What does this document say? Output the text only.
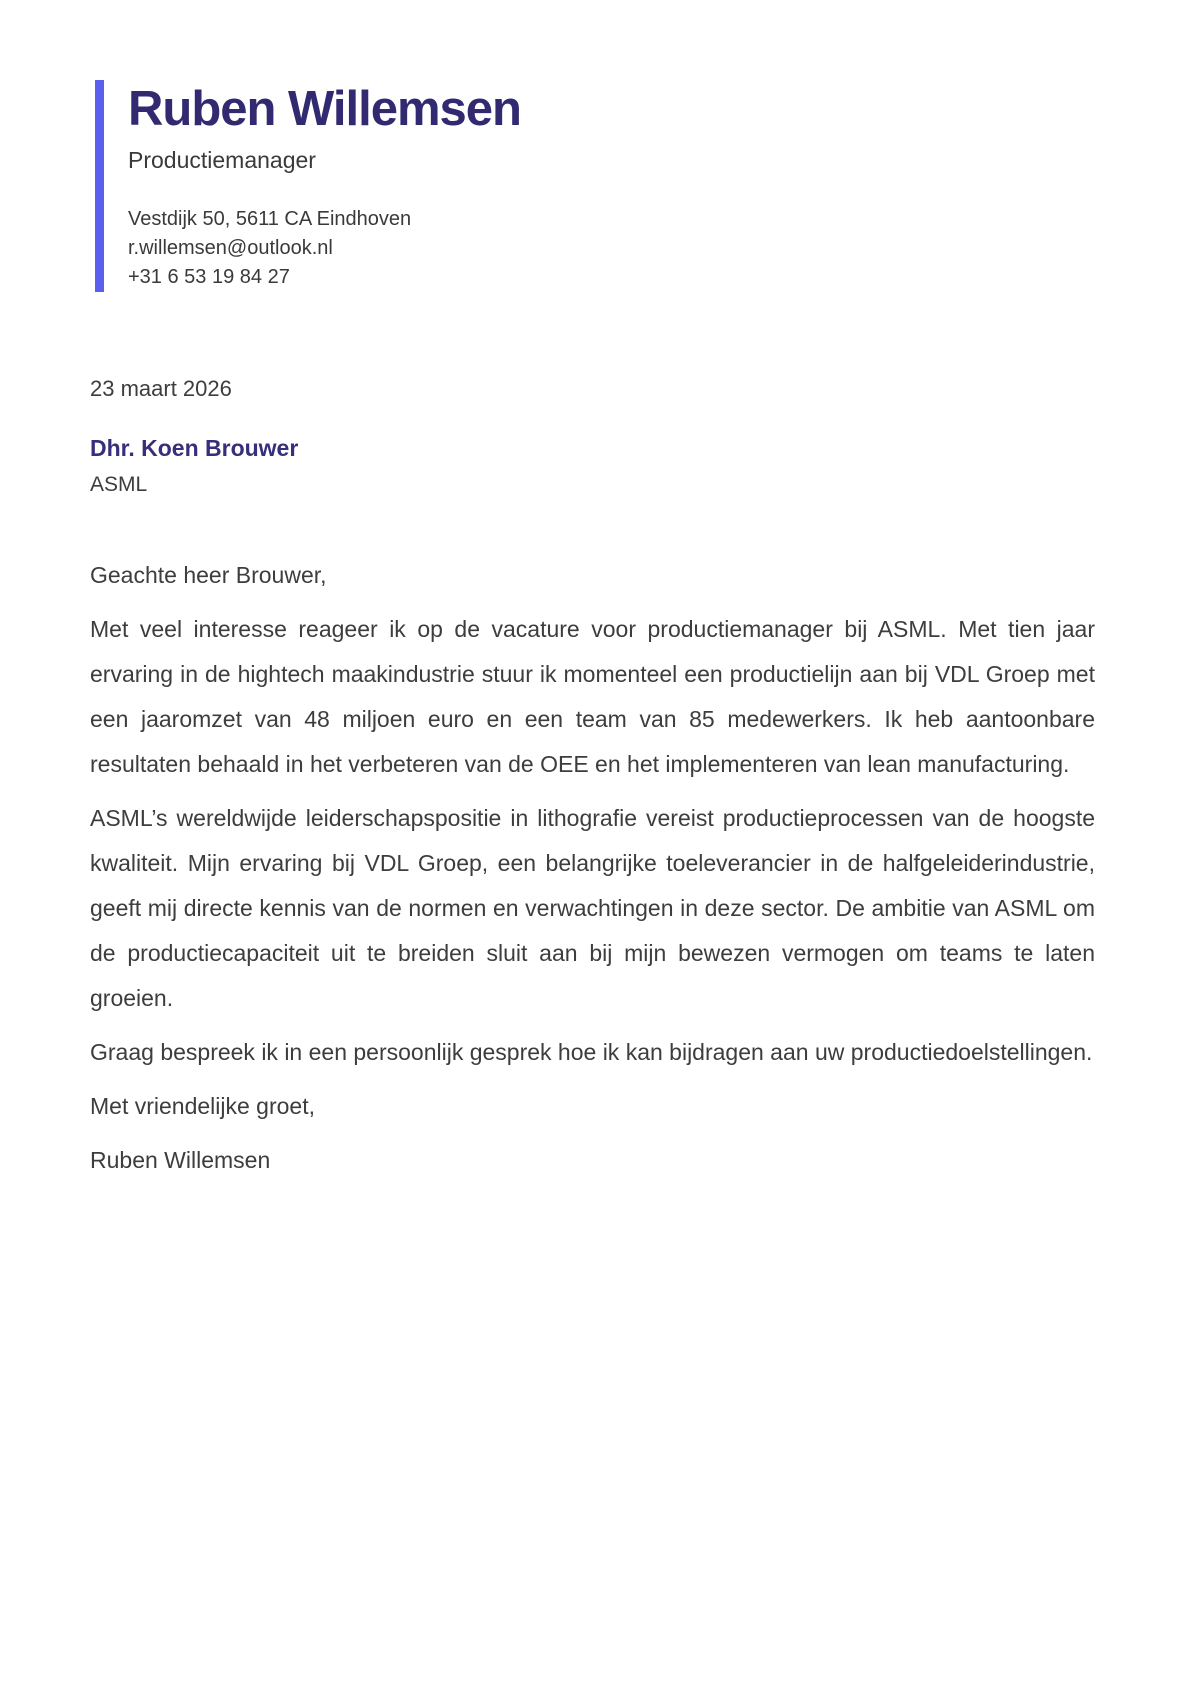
Ruben Willemsen
Productiemanager
Vestdijk 50, 5611 CA Eindhoven
r.willemsen@outlook.nl
+31 6 53 19 84 27
23 maart 2026
Dhr. Koen Brouwer
ASML
Geachte heer Brouwer,

Met veel interesse reageer ik op de vacature voor productiemanager bij ASML. Met tien jaar ervaring in de hightech maakindustrie stuur ik momenteel een productielijn aan bij VDL Groep met een jaaromzet van 48 miljoen euro en een team van 85 medewerkers. Ik heb aantoonbare resultaten behaald in het verbeteren van de OEE en het implementeren van lean manufacturing.

ASML’s wereldwijde leiderschapspositie in lithografie vereist productieprocessen van de hoogste kwaliteit. Mijn ervaring bij VDL Groep, een belangrijke toeleverancier in de halfgeleiderindustrie, geeft mij directe kennis van de normen en verwachtingen in deze sector. De ambitie van ASML om de productiecapaciteit uit te breiden sluit aan bij mijn bewezen vermogen om teams te laten groeien.

Graag bespreek ik in een persoonlijk gesprek hoe ik kan bijdragen aan uw productiedoelstellingen.

Met vriendelijke groet,
Ruben Willemsen
